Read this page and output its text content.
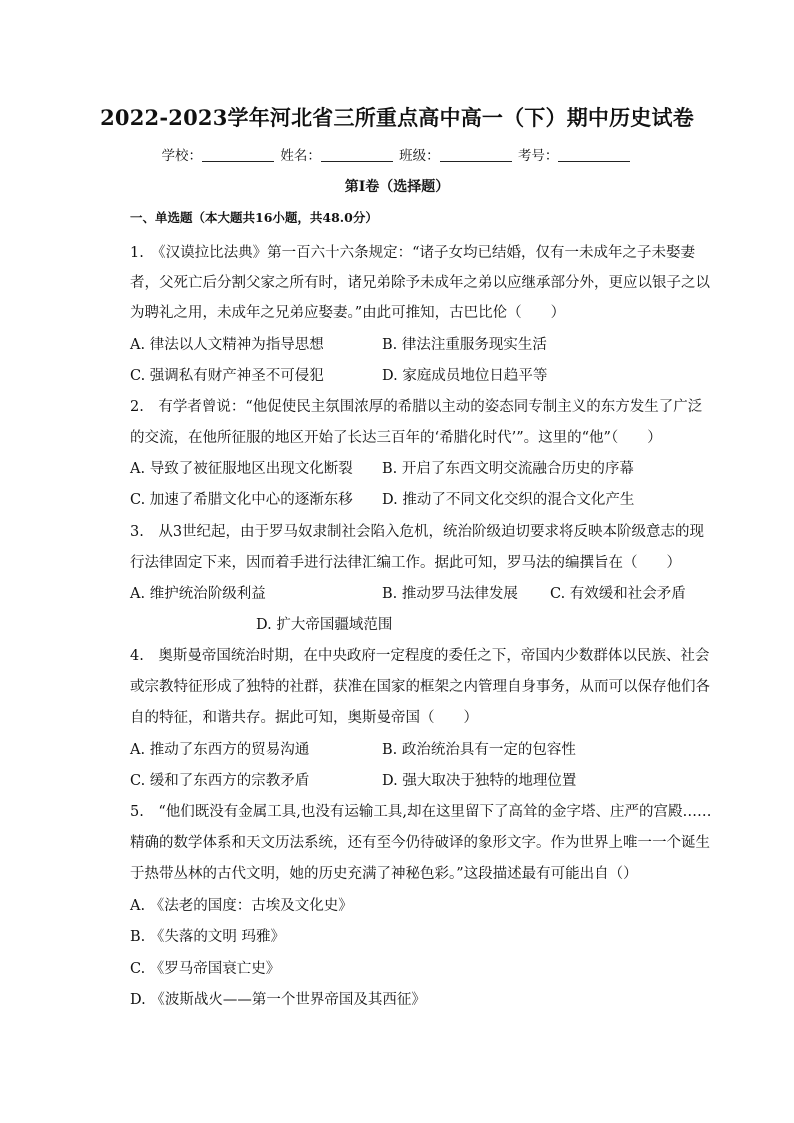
2022-2023学年河北省三所重点高中高一（下）期中历史试卷
学校：	姓名：	班级：	考号：
第I卷（选择题）
一、单选题（本大题共16小题，共48.0分）
1.　《汉谟拉比法典》第一百六十六条规定：“诸子女均已结婚，仅有一未成年之子未娶妻
者，父死亡后分割父家之所有时，诸兄弟除予未成年之弟以应继承部分外，更应以银子之以
为聘礼之用，未成年之兄弟应娶妻。”由此可推知，古巴比伦（　　）
A. 律法以人文精神为指导思想	B. 律法注重服务现实生活
C. 强调私有财产神圣不可侵犯	D. 家庭成员地位日趋平等
2.　有学者曾说：“他促使民主氛围浓厚的希腊以主动的姿态同专制主义的东方发生了广泛
的交流，在他所征服的地区开始了长达三百年的‘希腊化时代’”。这里的“他”（　　）
A. 导致了被征服地区出现文化断裂 B. 开启了东西文明交流融合历史的序幕
C. 加速了希腊文化中心的逐渐东移 D. 推动了不同文化交织的混合文化产生
3.　从3世纪起，由于罗马奴隶制社会陷入危机，统治阶级迫切要求将反映本阶级意志的现
行法律固定下来，因而着手进行法律汇编工作。据此可知，罗马法的编撰旨在（　　）
A. 维护统治阶级利益	B. 推动罗马法律发展 C. 有效缓和社会矛盾
D. 扩大帝国疆域范围
4.　奥斯曼帝国统治时期，在中央政府一定程度的委任之下，帝国内少数群体以民族、社会
或宗教特征形成了独特的社群，获准在国家的框架之内管理自身事务，从而可以保存他们各
自的特征，和谐共存。据此可知，奥斯曼帝国（　　）
A. 推动了东西方的贸易沟通	B. 政治统治具有一定的包容性
C. 缓和了东西方的宗教矛盾	D. 强大取决于独特的地理位置
5.　“他们既没有金属工具,也没有运输工具,却在这里留下了高耸的金字塔、庄严的宫殿……
精确的数学体系和天文历法系统，还有至今仍待破译的象形文字。作为世界上唯一一个诞生
于热带丛林的古代文明，她的历史充满了神秘色彩。”这段描述最有可能出自（）
A. 《法老的国度：古埃及文化史》
B. 《失落的文明 玛雅》
C. 《罗马帝国衰亡史》
D. 《波斯战火——第一个世界帝国及其西征》
